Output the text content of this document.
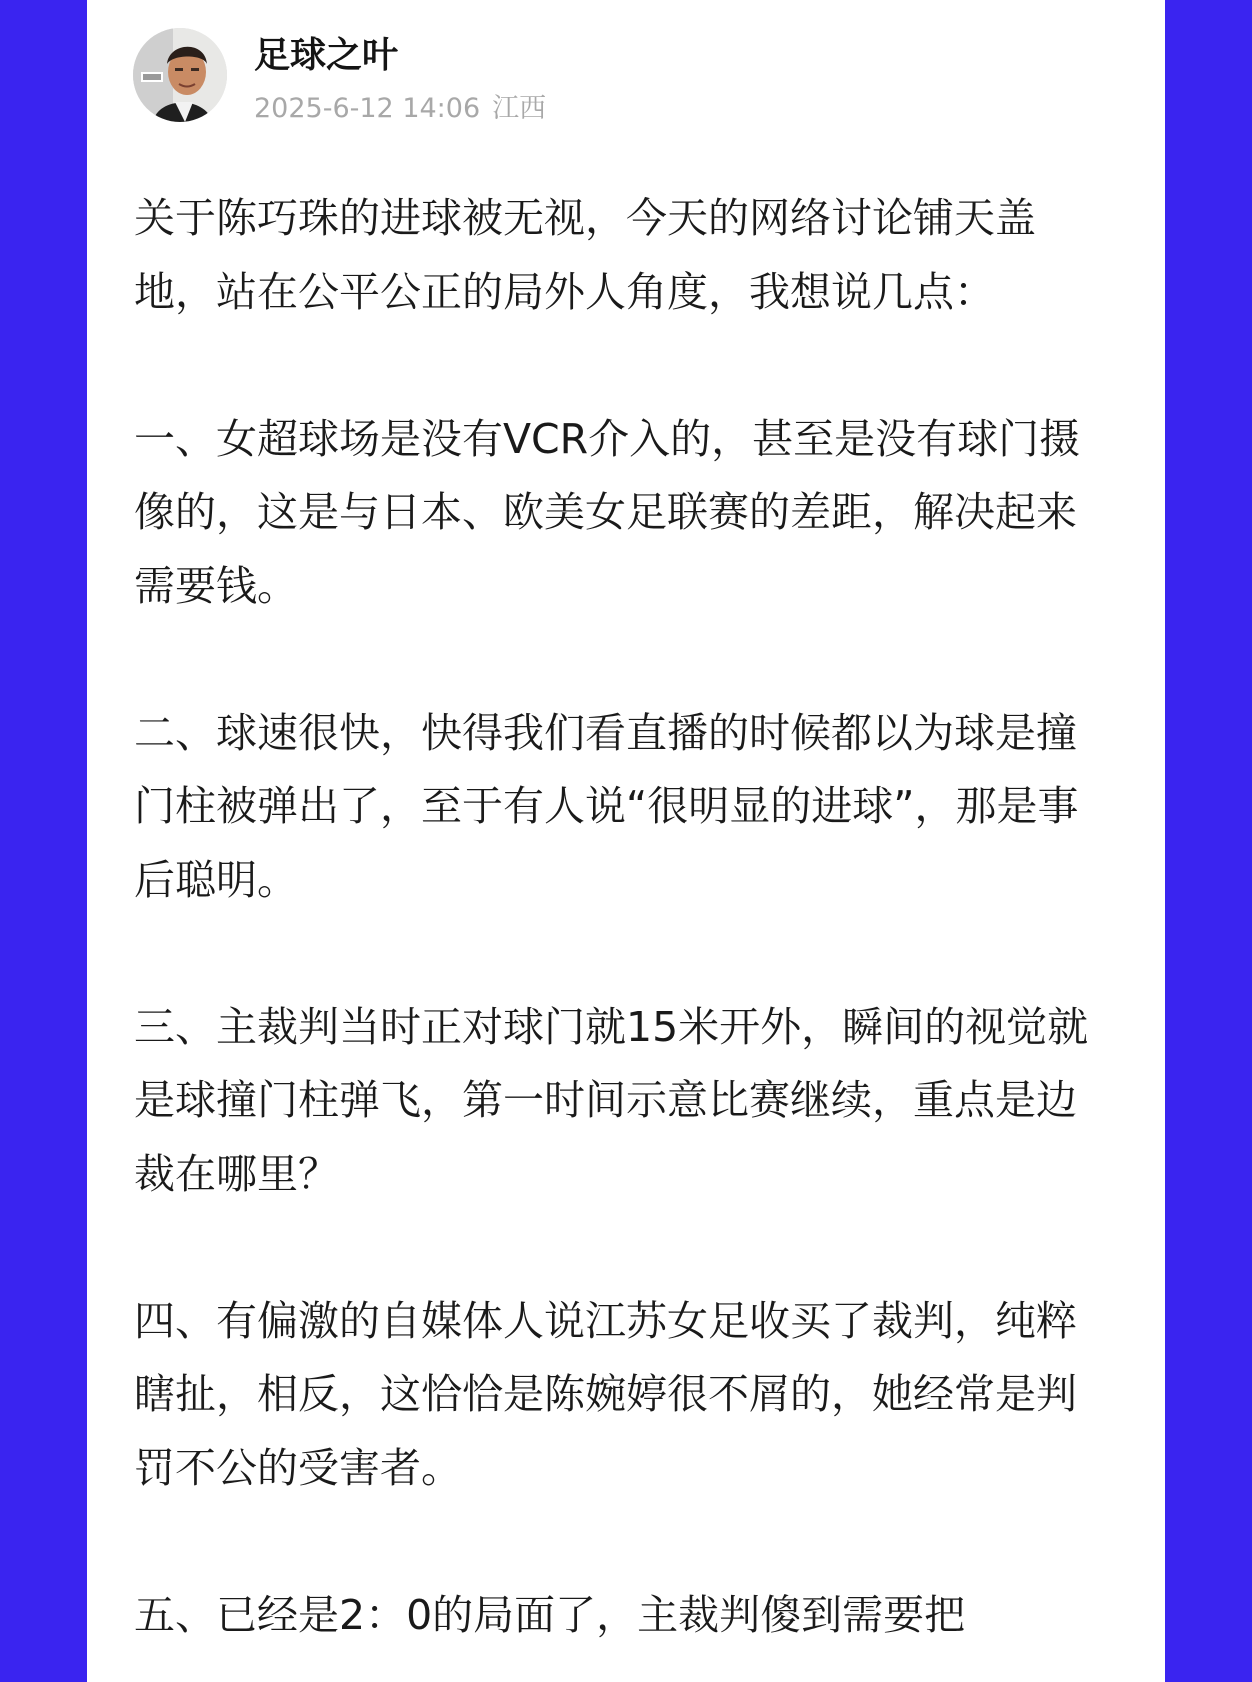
足球之叶
2025-6-12 14:06 江西

关于陈巧珠的进球被无视，今天的网络讨论铺天盖地，站在公平公正的局外人角度，我想说几点：

一、女超球场是没有VCR介入的，甚至是没有球门摄像的，这是与日本、欧美女足联赛的差距，解决起来需要钱。

二、球速很快，快得我们看直播的时候都以为球是撞门柱被弹出了，至于有人说“很明显的进球”，那是事后聪明。

三、主裁判当时正对球门就15米开外，瞬间的视觉就是球撞门柱弹飞，第一时间示意比赛继续，重点是边裁在哪里？

四、有偏激的自媒体人说江苏女足收买了裁判，纯粹瞎扯，相反，这恰恰是陈婉婷很不屑的，她经常是判罚不公的受害者。

五、已经是2：0的局面了，主裁判傻到需要把
